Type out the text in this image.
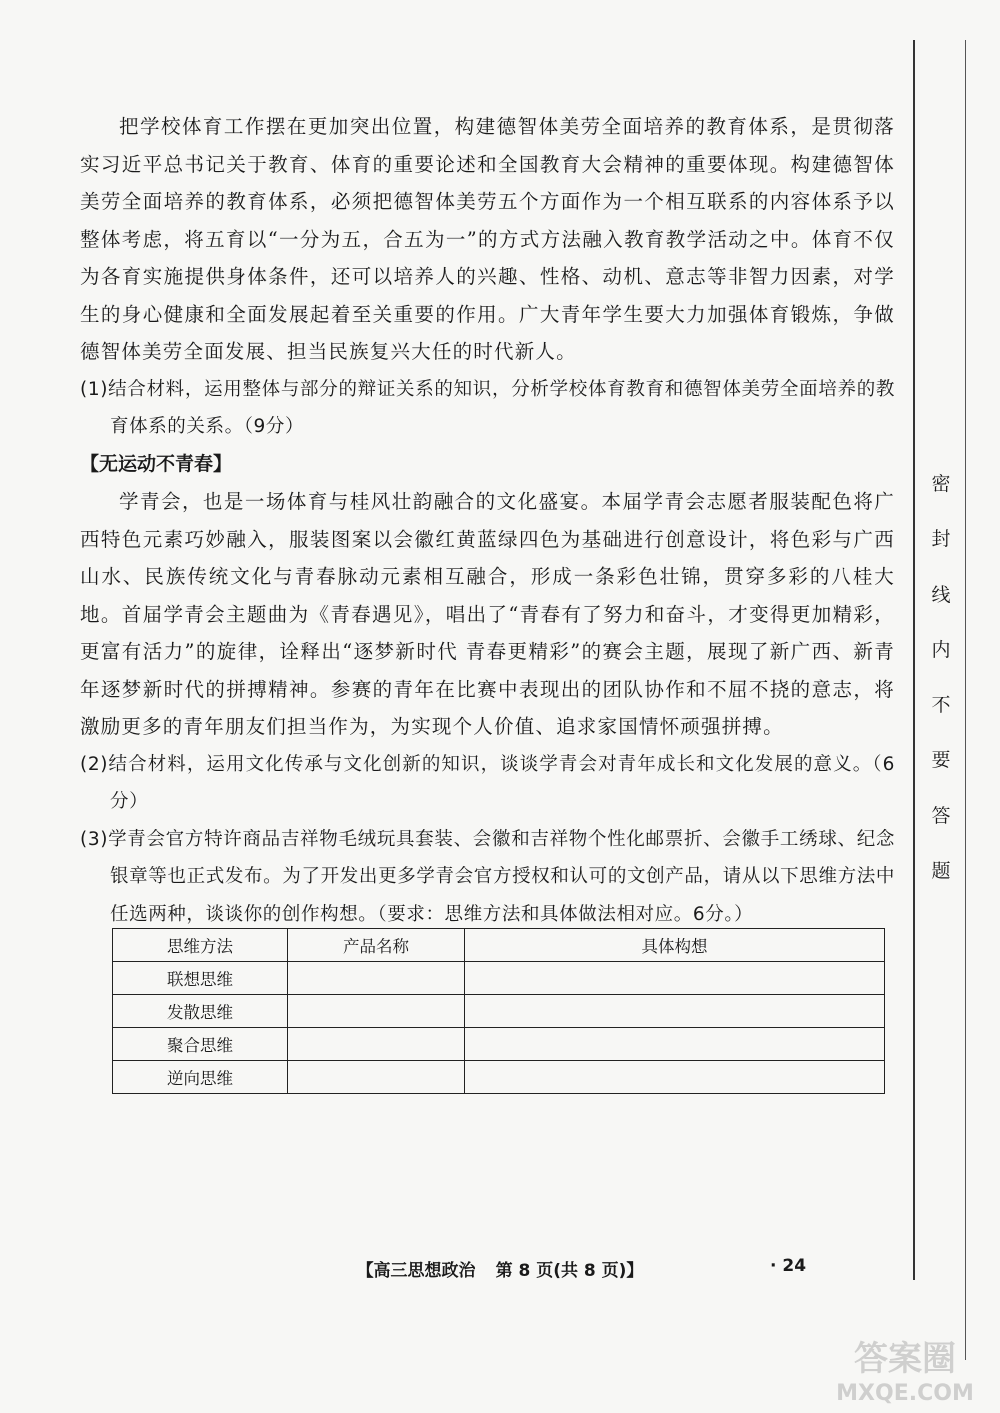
把学校体育工作摆在更加突出位置，构建德智体美劳全面培养的教育体系，是贯彻落实习近平总书记关于教育、体育的重要论述和全国教育大会精神的重要体现。构建德智体美劳全面培养的教育体系，必须把德智体美劳五个方面作为一个相互联系的内容体系予以整体考虑，将五育以“一分为五，合五为一”的方式方法融入教育教学活动之中。体育不仅为各育实施提供身体条件，还可以培养人的兴趣、性格、动机、意志等非智力因素，对学生的身心健康和全面发展起着至关重要的作用。广大青年学生要大力加强体育锻炼，争做德智体美劳全面发展、担当民族复兴大任的时代新人。

(1)结合材料，运用整体与部分的辩证关系的知识，分析学校体育教育和德智体美劳全面培养的教育体系的关系。（9分）

【无运动不青春】

学青会，也是一场体育与桂风壮韵融合的文化盛宴。本届学青会志愿者服装配色将广西特色元素巧妙融入，服装图案以会徽红黄蓝绿四色为基础进行创意设计，将色彩与广西山水、民族传统文化与青春脉动元素相互融合，形成一条彩色壮锦，贯穿多彩的八桂大地。首届学青会主题曲为《青春遇见》，唱出了“青春有了努力和奋斗，才变得更加精彩，更富有活力”的旋律，诠释出“逐梦新时代 青春更精彩”的赛会主题，展现了新广西、新青年逐梦新时代的拼搏精神。参赛的青年在比赛中表现出的团队协作和不屈不挠的意志，将激励更多的青年朋友们担当作为，为实现个人价值、追求家国情怀顽强拼搏。

(2)结合材料，运用文化传承与文化创新的知识，谈谈学青会对青年成长和文化发展的意义。（6分）

(3)学青会官方特许商品吉祥物毛绒玩具套装、会徽和吉祥物个性化邮票折、会徽手工绣球、纪念银章等也正式发布。为了开发出更多学青会官方授权和认可的文创产品，请从以下思维方法中任选两种，谈谈你的创作构想。（要求：思维方法和具体做法相对应。6分。）

思维方法	产品名称	具体构想
联想思维		
发散思维		
聚合思维		
逆向思维		
密
封
线
内
不
要
答
题
【高三思想政治 第 8 页(共 8 页)】	· 24
答案圈
MXQE.COM
